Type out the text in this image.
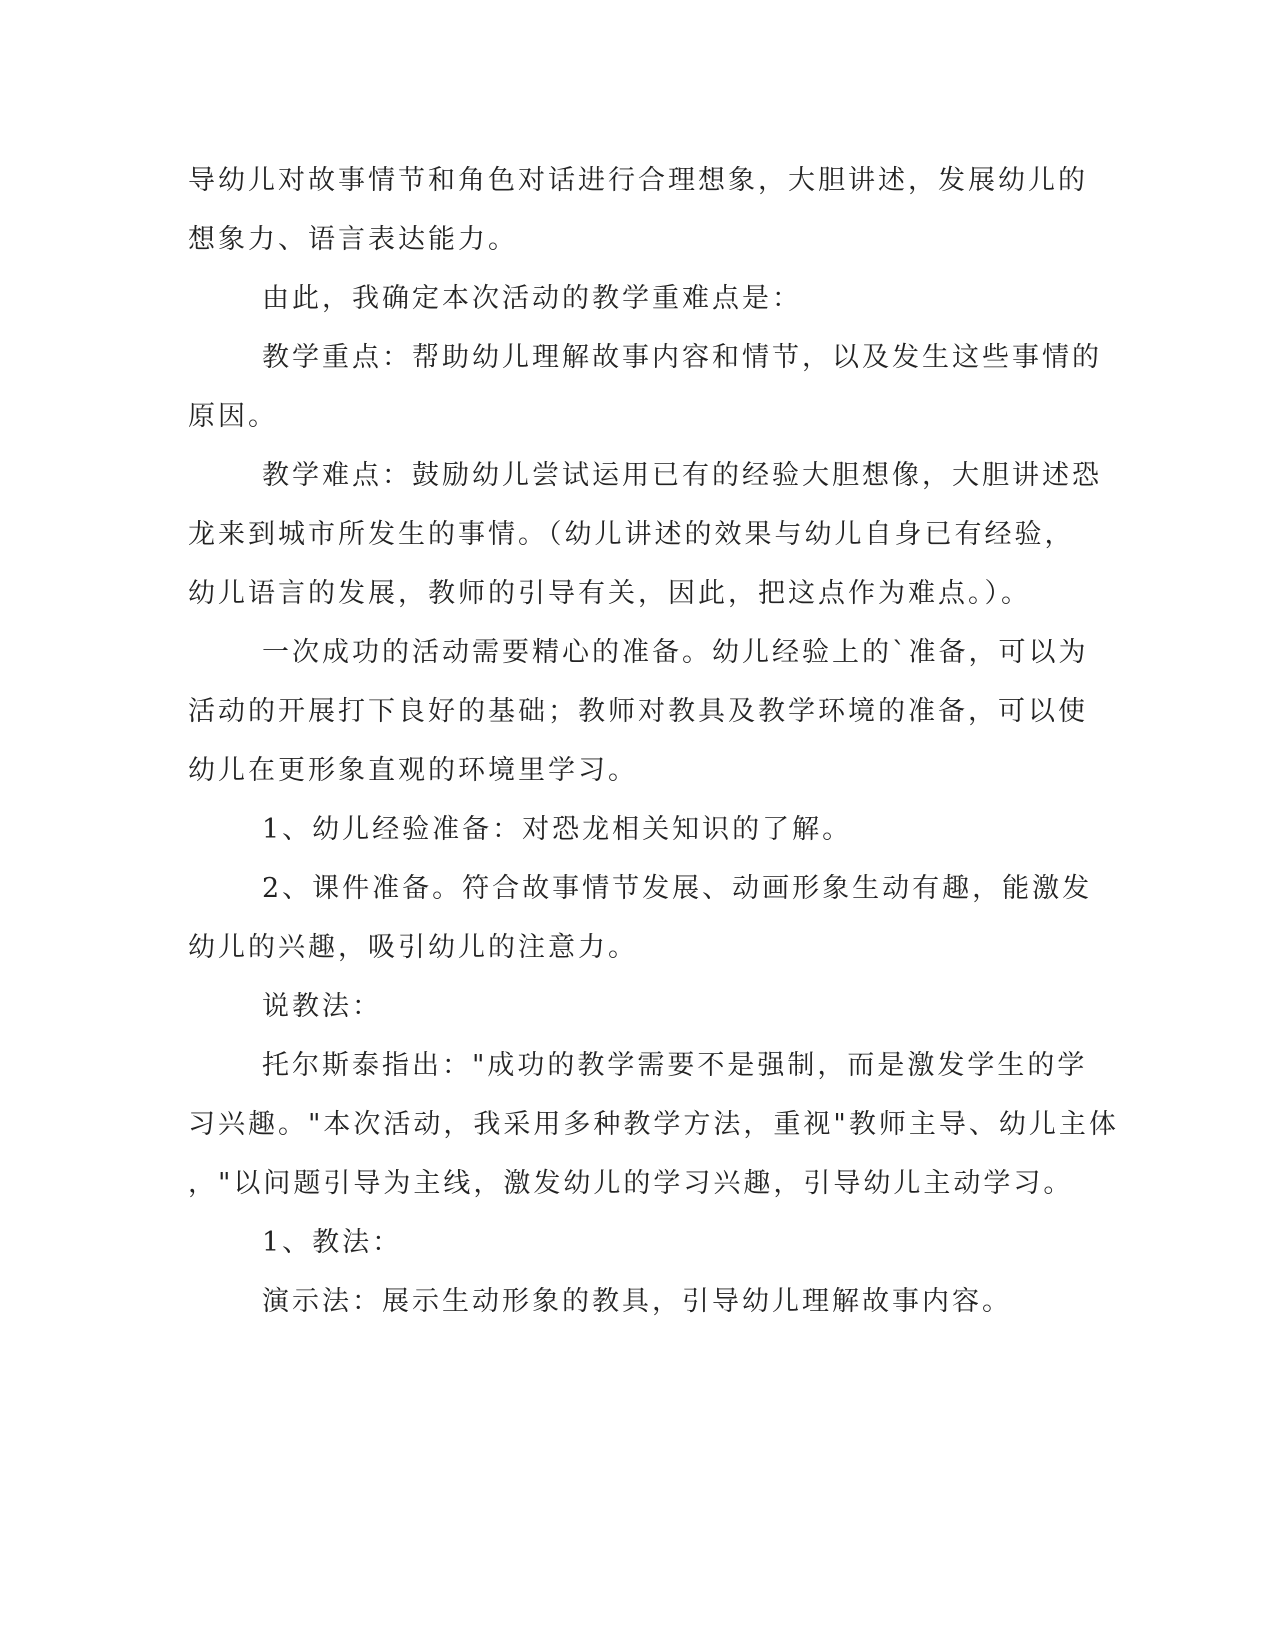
导幼儿对故事情节和角色对话进行合理想象，大胆讲述，发展幼儿的
想象力、语言表达能力。
由此，我确定本次活动的教学重难点是：
教学重点：帮助幼儿理解故事内容和情节，以及发生这些事情的
原因。
教学难点：鼓励幼儿尝试运用已有的经验大胆想像，大胆讲述恐
龙来到城市所发生的事情。（幼儿讲述的效果与幼儿自身已有经验，
幼儿语言的发展，教师的引导有关，因此，把这点作为难点。）。
一次成功的活动需要精心的准备。幼儿经验上的`准备，可以为
活动的开展打下良好的基础；教师对教具及教学环境的准备，可以使
幼儿在更形象直观的环境里学习。
1、幼儿经验准备：对恐龙相关知识的了解。
2、课件准备。符合故事情节发展、动画形象生动有趣，能激发
幼儿的兴趣，吸引幼儿的注意力。
说教法：
托尔斯泰指出："成功的教学需要不是强制，而是激发学生的学
习兴趣。"本次活动，我采用多种教学方法，重视"教师主导、幼儿主体
，"以问题引导为主线，激发幼儿的学习兴趣，引导幼儿主动学习。
1、教法：
演示法：展示生动形象的教具，引导幼儿理解故事内容。
